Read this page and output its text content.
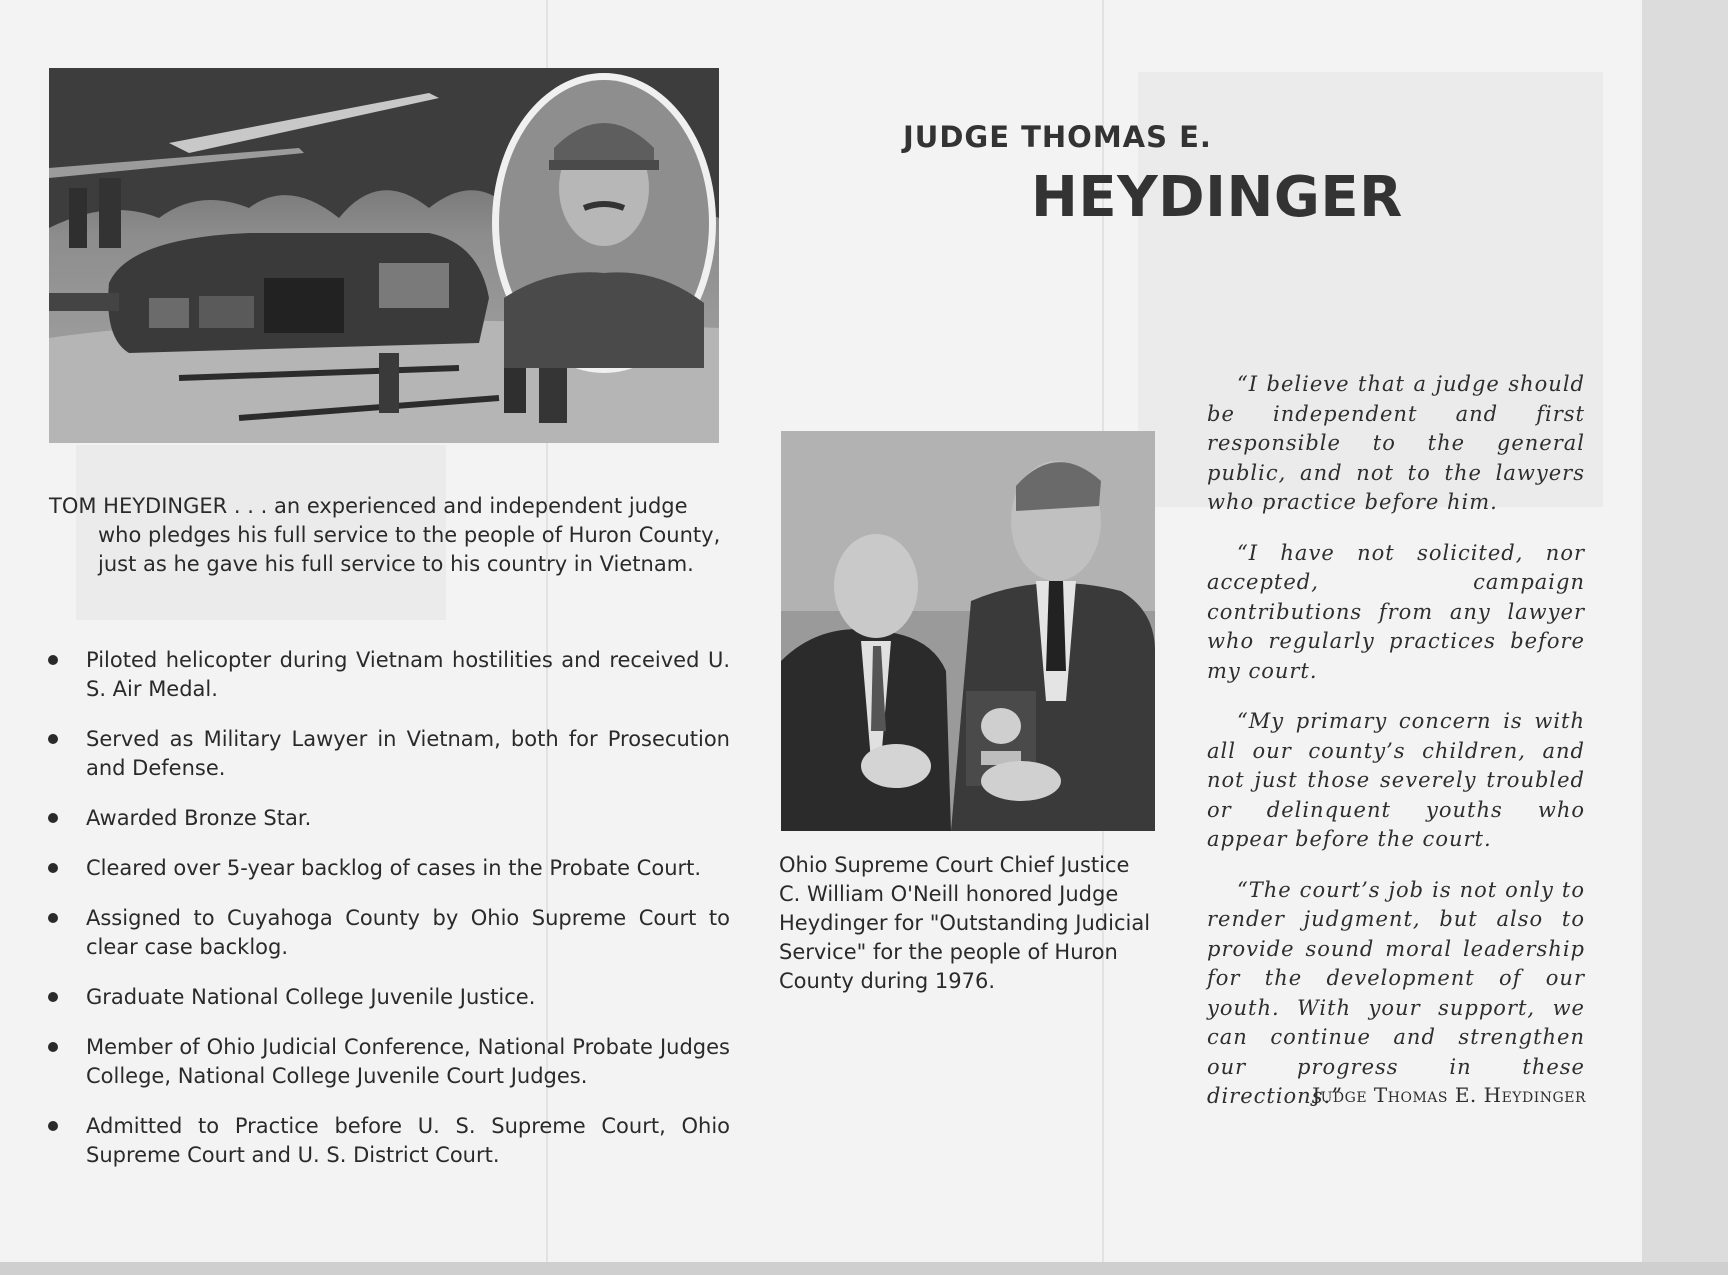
JUDGE THOMAS E.
HEYDINGER
TOM HEYDINGER . . . an experienced and independent judge
who pledges his full service to the people of Huron County,
just as he gave his full service to his country in Vietnam.
Piloted helicopter during Vietnam hostilities and received U. S. Air Medal.
Served as Military Lawyer in Vietnam, both for Prosecution and Defense.
Awarded Bronze Star.
Cleared over 5-year backlog of cases in the Probate Court.
Assigned to Cuyahoga County by Ohio Supreme Court to clear case backlog.
Graduate National College Juvenile Justice.
Member of Ohio Judicial Conference, National Probate Judges College, National College Juvenile Court Judges.
Admitted to Practice before U. S. Supreme Court, Ohio Supreme Court and U. S. District Court.
Ohio Supreme Court Chief Justice C. William O'Neill honored Judge Heydinger for "Outstanding Judicial Service" for the people of Huron County during 1976.

“I believe that a judge should be independent and first responsible to the general public, and not to the lawyers who practice before him.

“I have not solicited, nor accepted, campaign contributions from any lawyer who regularly practices before my court.

“My primary concern is with all our county’s children, and not just those severely troubled or delinquent youths who appear before the court.

“The court’s job is not only to render judgment, but also to provide sound moral leadership for the development of our youth. With your support, we can continue and strengthen our progress in these directions.”

Judge Thomas E. Heydinger
